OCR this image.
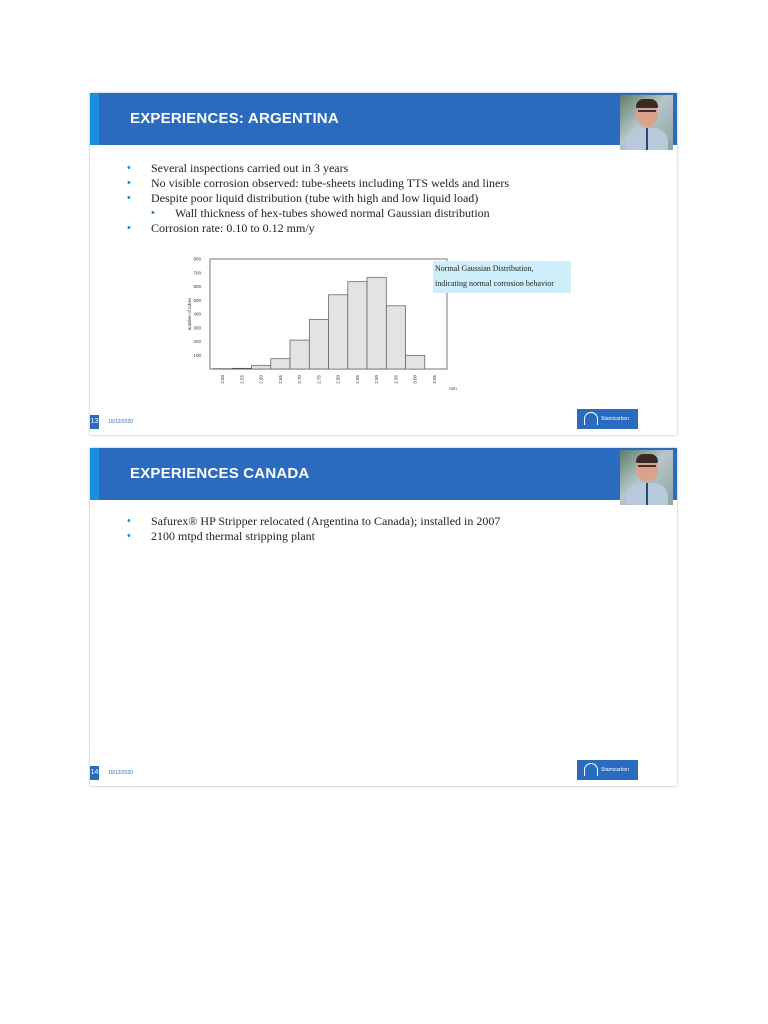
EXPERIENCES: ARGENTINA
• Several inspections carried out in 3 years
• No visible corrosion observed: tube-sheets including TTS welds and liners
• Despite poor liquid distribution (tube with high and low liquid load)
• Wall thickness of hex-tubes showed normal Gaussian distribution
• Corrosion rate: 0.10 to 0.12 mm/y
2.50	2.55	2.60	2.65	2.70	2.75	2.80	2.85	2.90	2.95	3.00	3.05
100
200
300
400
500
600
700
800
number of tubes
mm
Normal Gaussian Distribution,
indicating normal corrosion behavior
13 10/12/2020	Stamicarbon
EXPERIENCES CANADA
• Safurex® HP Stripper relocated (Argentina to Canada); installed in 2007
• 2100 mtpd thermal stripping plant
14 10/12/2020	Stamicarbon
